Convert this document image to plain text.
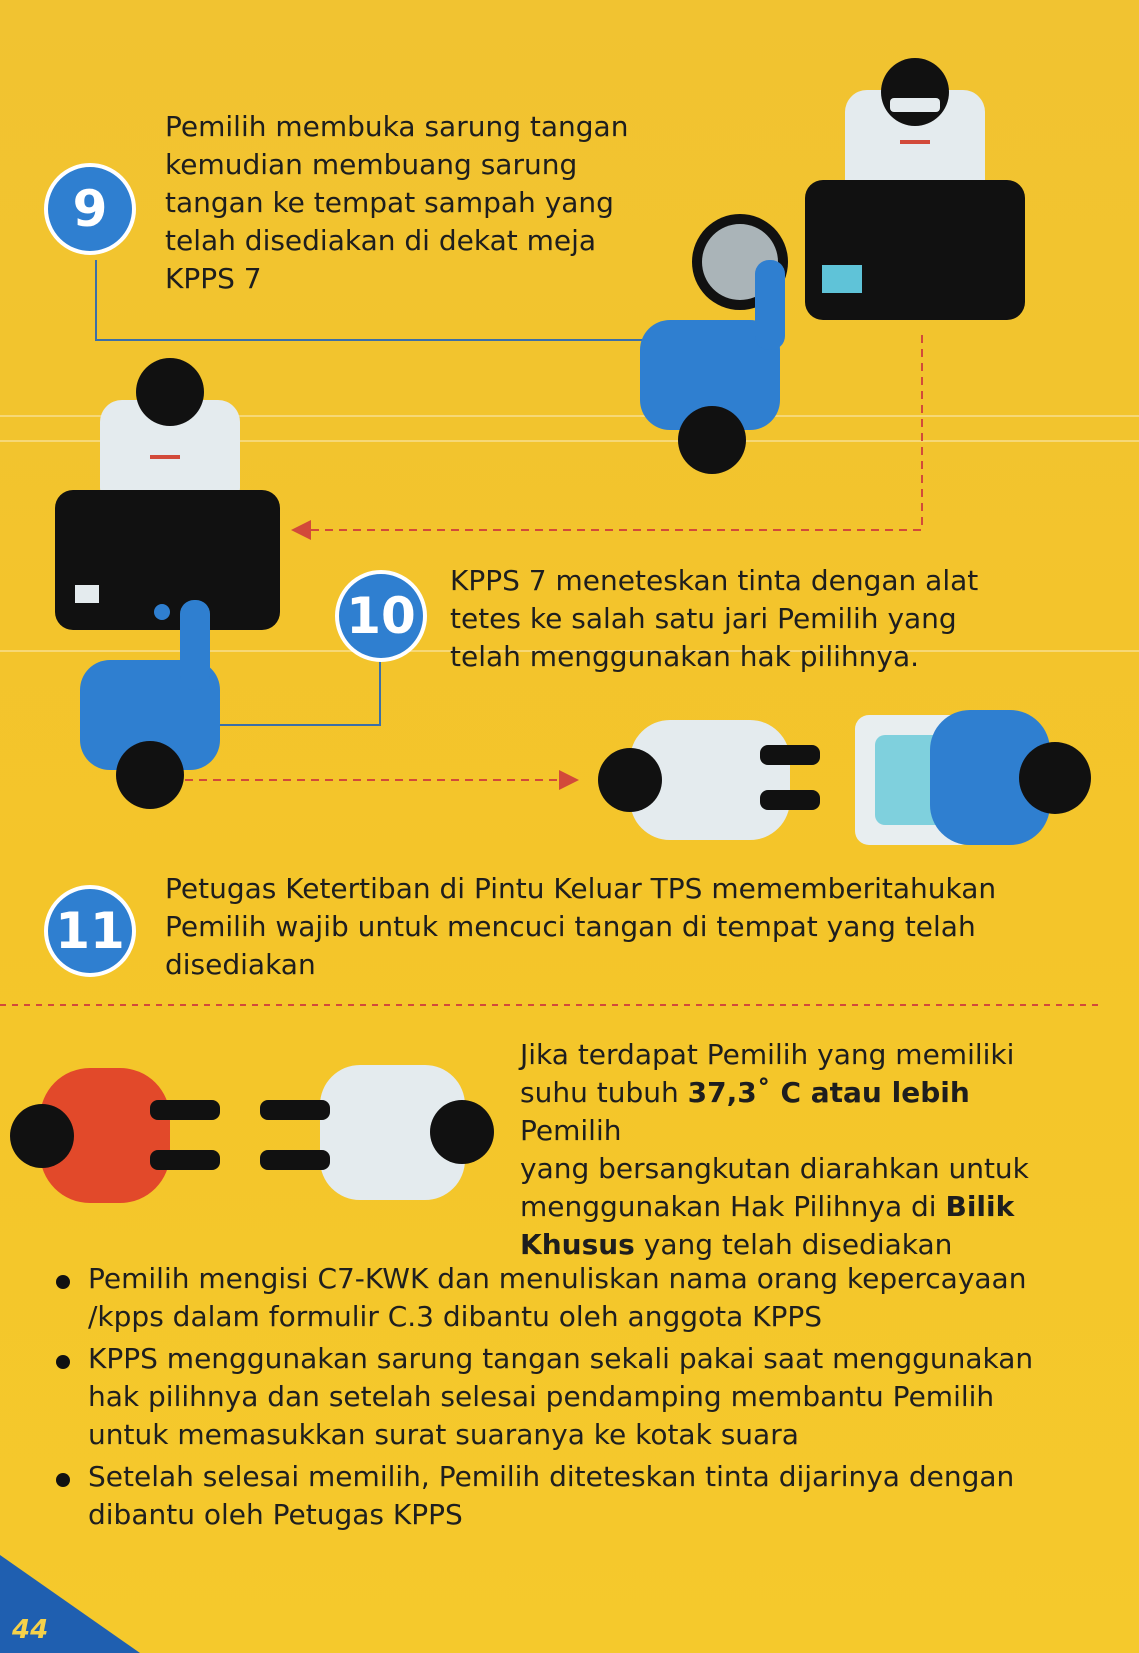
9
Pemilih membuka sarung tangan
kemudian membuang sarung
tangan ke tempat sampah yang
telah disediakan di dekat meja
KPPS 7
10
KPPS 7 meneteskan tinta dengan alat
tetes ke salah satu jari Pemilih yang
telah menggunakan hak pilihnya.
11
Petugas Ketertiban di Pintu Keluar TPS mememberitahukan
Pemilih wajib untuk mencuci tangan di tempat yang telah
disediakan
Jika terdapat Pemilih yang memiliki
suhu tubuh 37,3˚ C atau lebih Pemilih
yang bersangkutan diarahkan untuk
menggunakan Hak Pilihnya di Bilik
Khusus yang telah disediakan
Pemilih mengisi C7-KWK dan menuliskan nama orang kepercayaan
/kpps dalam formulir C.3 dibantu oleh anggota KPPS
KPPS menggunakan sarung tangan sekali pakai saat menggunakan
hak pilihnya dan setelah selesai pendamping membantu Pemilih
untuk memasukkan surat suaranya ke kotak suara
Setelah selesai memilih, Pemilih diteteskan tinta dijarinya dengan
dibantu oleh Petugas KPPS
44
